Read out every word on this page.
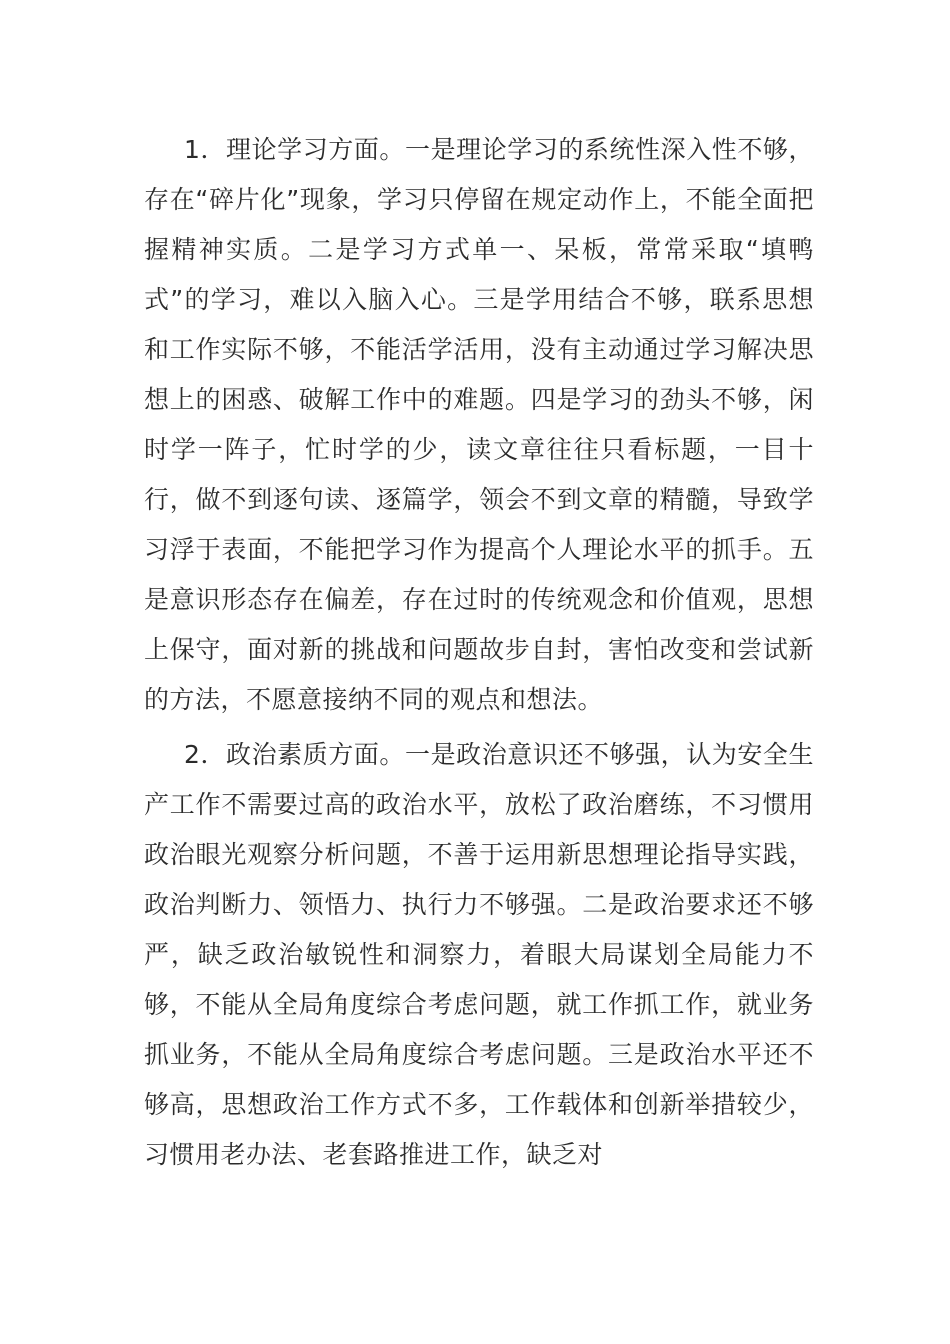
1．理论学习方面。一是理论学习的系统性深入性不够，存在“碎片化”现象，学习只停留在规定动作上，不能全面把握精神实质。二是学习方式单一、呆板，常常采取“填鸭式”的学习，难以入脑入心。三是学用结合不够，联系思想和工作实际不够，不能活学活用，没有主动通过学习解决思想上的困惑、破解工作中的难题。四是学习的劲头不够，闲时学一阵子，忙时学的少，读文章往往只看标题，一目十行，做不到逐句读、逐篇学，领会不到文章的精髓，导致学习浮于表面，不能把学习作为提高个人理论水平的抓手。五是意识形态存在偏差，存在过时的传统观念和价值观，思想上保守，面对新的挑战和问题故步自封，害怕改变和尝试新的方法，不愿意接纳不同的观点和想法。

2．政治素质方面。一是政治意识还不够强，认为安全生产工作不需要过高的政治水平，放松了政治磨练，不习惯用政治眼光观察分析问题，不善于运用新思想理论指导实践，政治判断力、领悟力、执行力不够强。二是政治要求还不够严，缺乏政治敏锐性和洞察力，着眼大局谋划全局能力不够，不能从全局角度综合考虑问题，就工作抓工作，就业务抓业务，不能从全局角度综合考虑问题。三是政治水平还不够高，思想政治工作方式不多，工作载体和创新举措较少，习惯用老办法、老套路推进工作，缺乏对
